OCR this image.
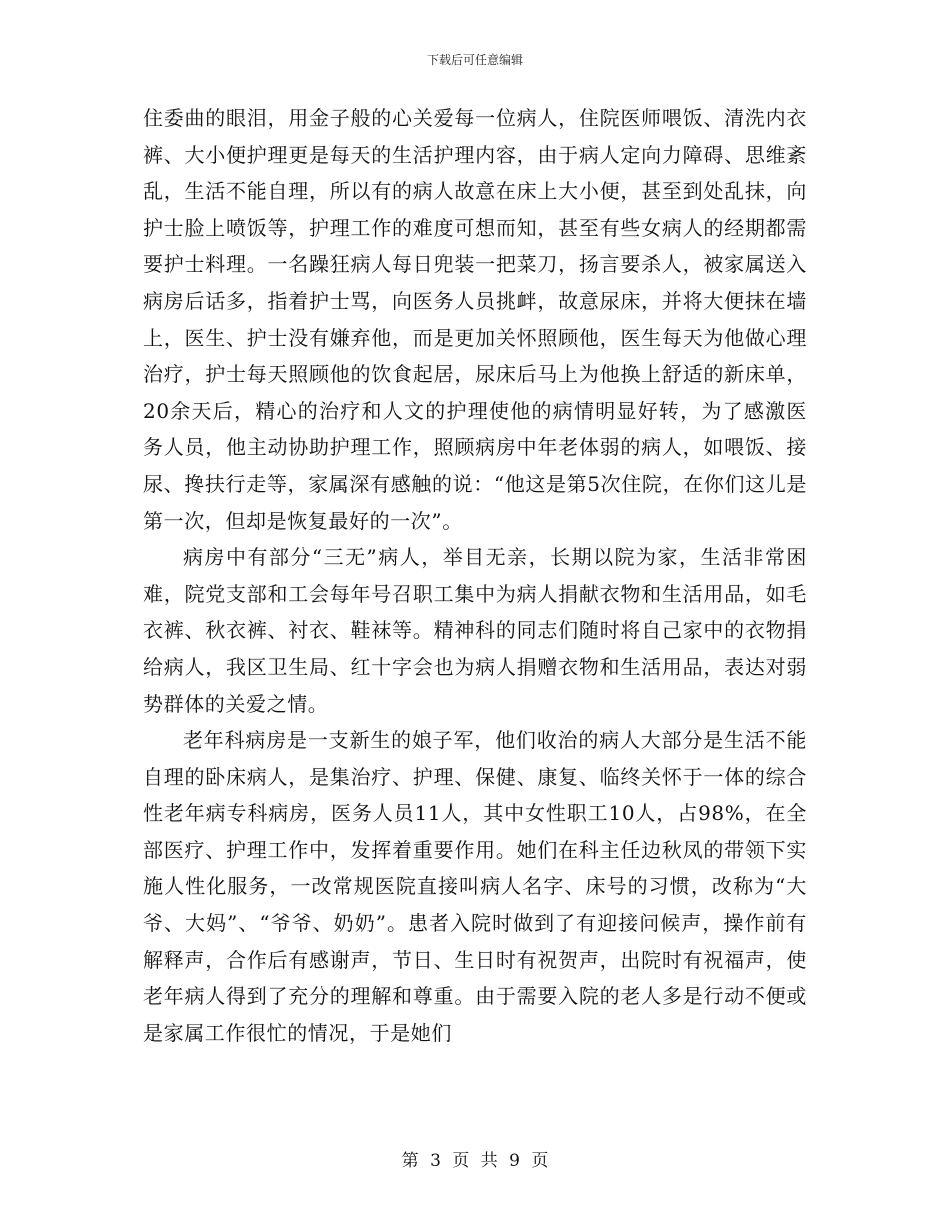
下载后可任意编辑

住委曲的眼泪，用金子般的心关爱每一位病人，住院医师喂饭、清洗内衣裤、大小便护理更是每天的生活护理内容，由于病人定向力障碍、思维紊乱，生活不能自理，所以有的病人故意在床上大小便，甚至到处乱抹，向护士脸上喷饭等，护理工作的难度可想而知，甚至有些女病人的经期都需要护士料理。一名躁狂病人每日兜装一把菜刀，扬言要杀人，被家属送入病房后话多，指着护士骂，向医务人员挑衅，故意尿床，并将大便抹在墙上，医生、护士没有嫌弃他，而是更加关怀照顾他，医生每天为他做心理治疗，护士每天照顾他的饮食起居，尿床后马上为他换上舒适的新床单，20余天后，精心的治疗和人文的护理使他的病情明显好转，为了感激医务人员，他主动协助护理工作，照顾病房中年老体弱的病人，如喂饭、接尿、搀扶行走等，家属深有感触的说：“他这是第5次住院，在你们这儿是第一次，但却是恢复最好的一次”。

病房中有部分“三无”病人，举目无亲，长期以院为家，生活非常困难，院党支部和工会每年号召职工集中为病人捐献衣物和生活用品，如毛衣裤、秋衣裤、衬衣、鞋袜等。精神科的同志们随时将自己家中的衣物捐给病人，我区卫生局、红十字会也为病人捐赠衣物和生活用品，表达对弱势群体的关爱之情。

老年科病房是一支新生的娘子军，他们收治的病人大部分是生活不能自理的卧床病人，是集治疗、护理、保健、康复、临终关怀于一体的综合性老年病专科病房，医务人员11人，其中女性职工10人，占98%，在全部医疗、护理工作中，发挥着重要作用。她们在科主任边秋凤的带领下实施人性化服务，一改常规医院直接叫病人名字、床号的习惯，改称为“大爷、大妈”、“爷爷、奶奶”。患者入院时做到了有迎接问候声，操作前有解释声，合作后有感谢声，节日、生日时有祝贺声，出院时有祝福声，使老年病人得到了充分的理解和尊重。由于需要入院的老人多是行动不便或是家属工作很忙的情况，于是她们

第 3 页 共 9 页
